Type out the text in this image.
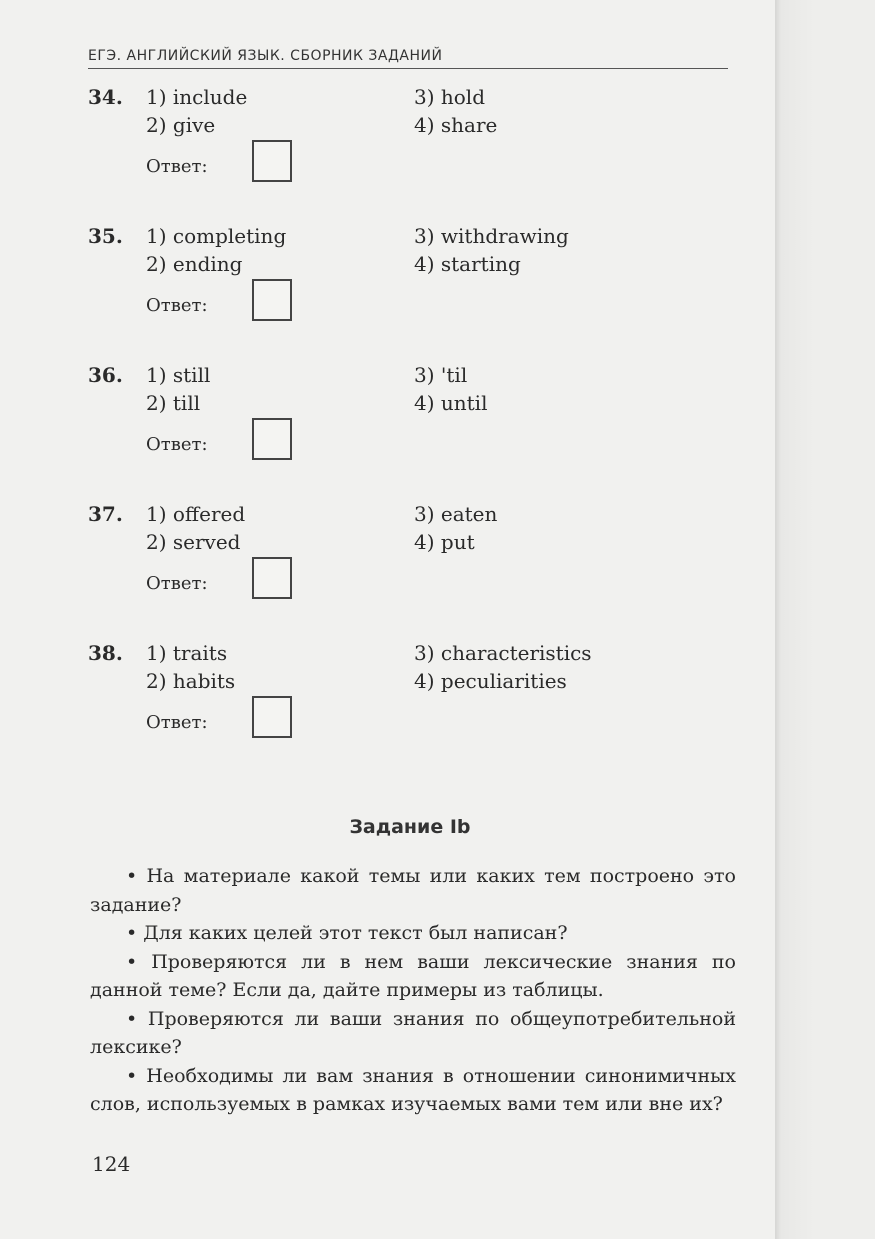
ЕГЭ. АНГЛИЙСКИЙ ЯЗЫК. СБОРНИК ЗАДАНИЙ
34. 1) include
2) give
3) hold
4) share
Ответ:
35. 1) completing
2) ending
3) withdrawing
4) starting
Ответ:
36. 1) still
2) till
3) 'til
4) until
Ответ:
37. 1) offered
2) served
3) eaten
4) put
Ответ:
38. 1) traits
2) habits
3) characteristics
4) peculiarities
Ответ:
Задание Ib

• На материале какой темы или каких тем построено это задание?

• Для каких целей этот текст был написан?

• Проверяются ли в нем ваши лексические знания по данной теме? Если да, дайте примеры из таблицы.

• Проверяются ли ваши знания по общеупотребительной лексике?

• Необходимы ли вам знания в отношении синонимичных слов, используемых в рамках изучаемых вами тем или вне их?

124
